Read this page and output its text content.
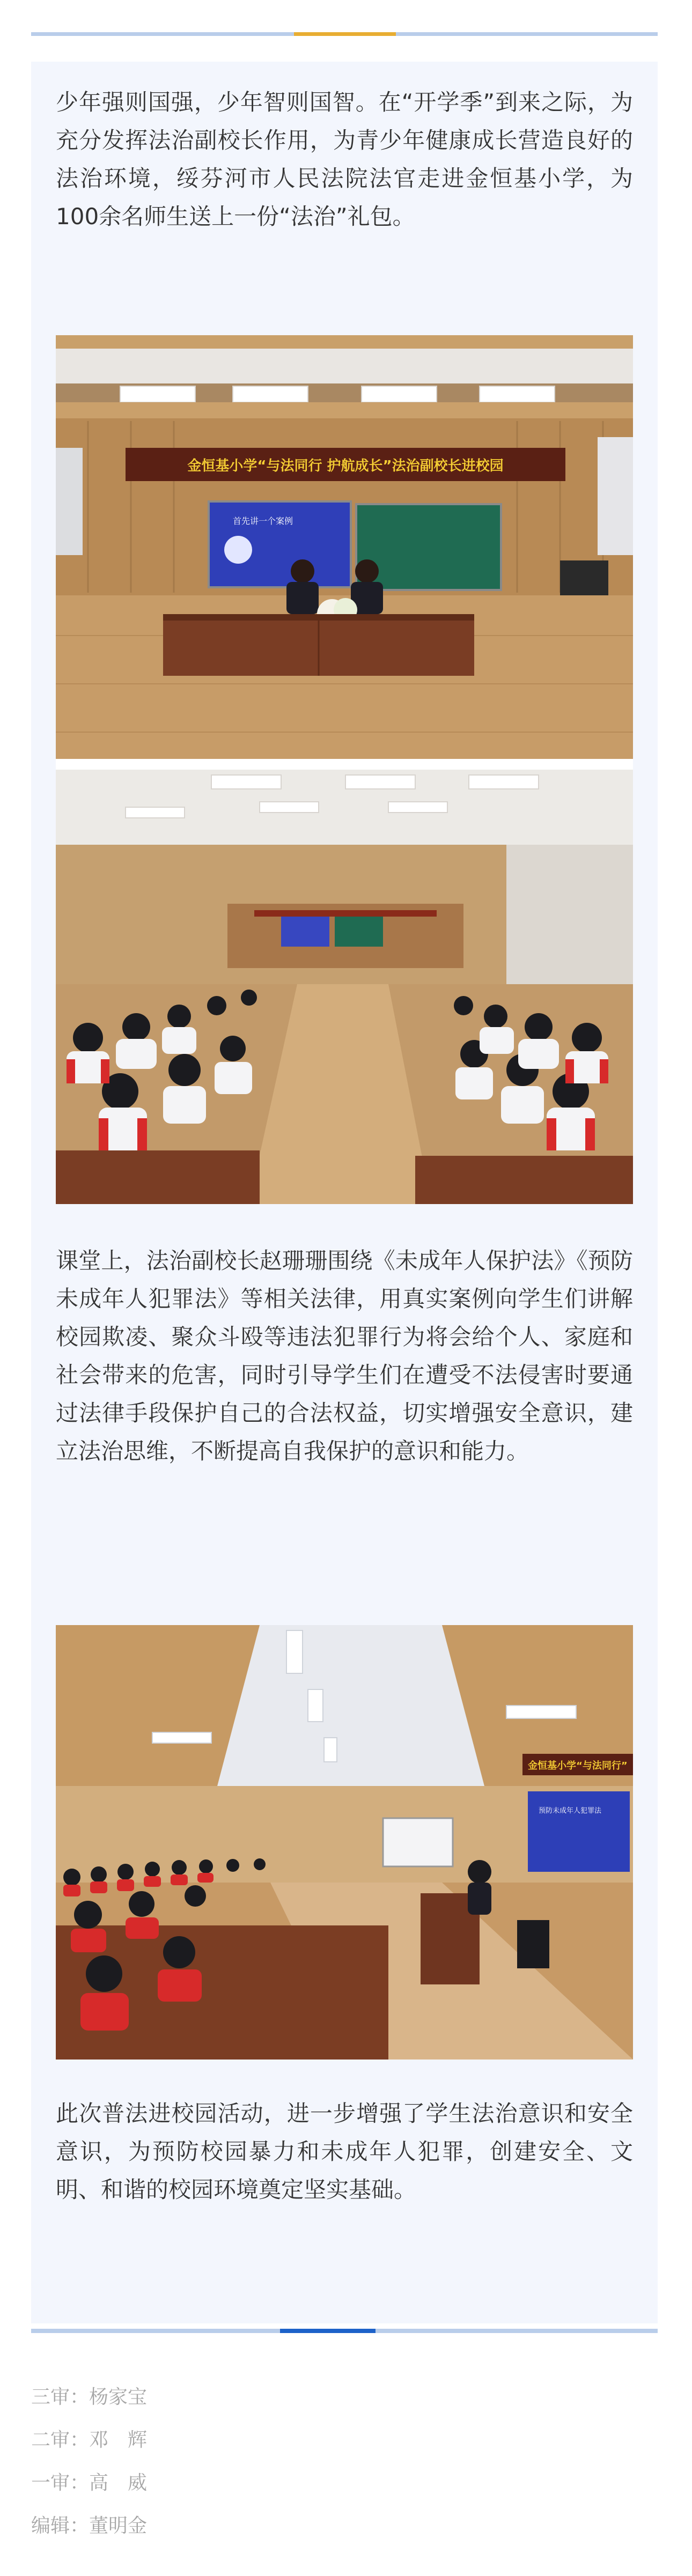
少年强则国强，少年智则国智。在“开学季”到来之际，为充分发挥法治副校长作用，为青少年健康成长营造良好的法治环境，绥芬河市人民法院法官走进金恒基小学，为100余名师生送上一份“法治”礼包。

金恒基小学“与法同行 护航成长”法治副校长进校园
首先讲一个案例

课堂上，法治副校长赵珊珊围绕《未成年人保护法》《预防未成年人犯罪法》等相关法律，用真实案例向学生们讲解校园欺凌、聚众斗殴等违法犯罪行为将会给个人、家庭和社会带来的危害，同时引导学生们在遭受不法侵害时要通过法律手段保护自己的合法权益，切实增强安全意识，建立法治思维，不断提高自我保护的意识和能力。

预防未成年人犯罪法
金恒基小学“与法同行”

此次普法进校园活动，进一步增强了学生法治意识和安全意识，为预防校园暴力和未成年人犯罪，创建安全、文明、和谐的校园环境奠定坚实基础。

三审：杨家宝
二审：邓　辉
一审：高　威
编辑：董明金
